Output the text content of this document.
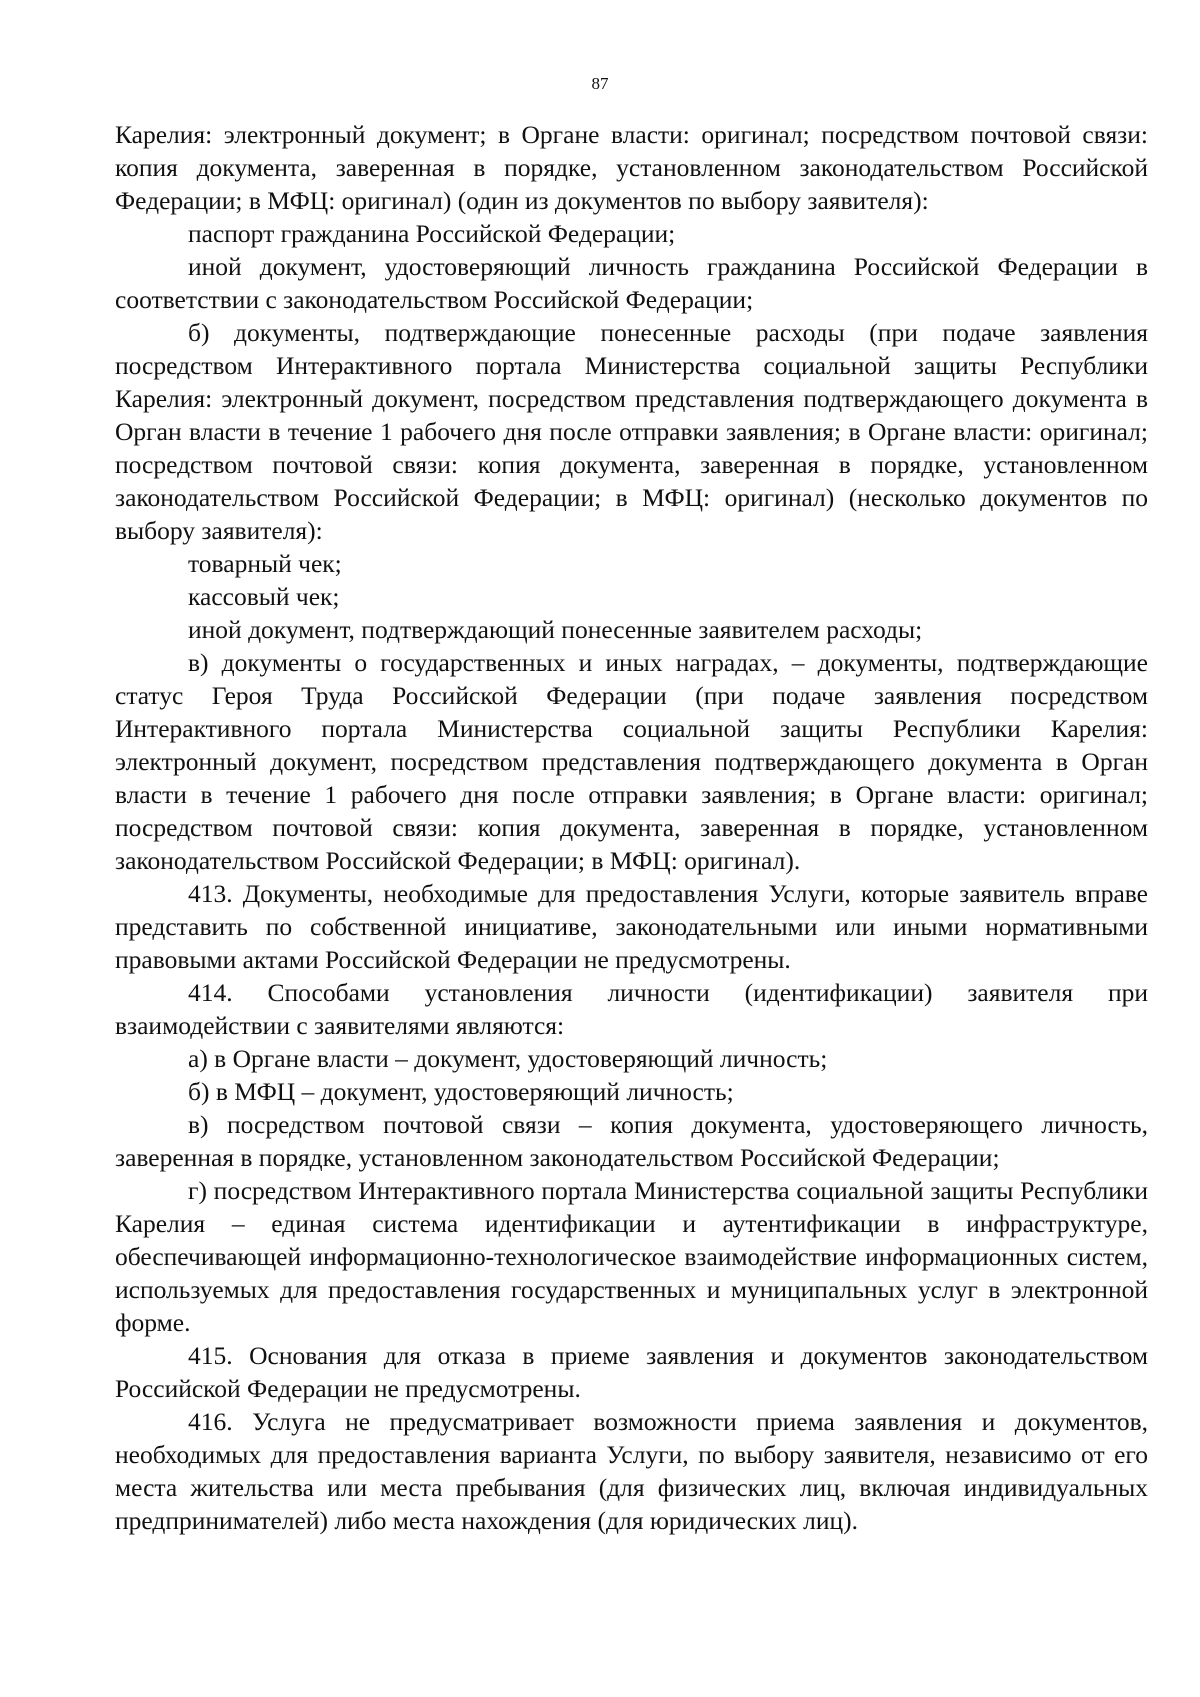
87

Карелия: электронный документ; в Органе власти: оригинал; посредством почтовой связи: копия документа, заверенная в порядке, установленном законодательством Российской Федерации; в МФЦ: оригинал) (один из документов по выбору заявителя):

паспорт гражданина Российской Федерации;

иной документ, удостоверяющий личность гражданина Российской Федерации в соответствии с законодательством Российской Федерации;

б) документы, подтверждающие понесенные расходы (при подаче заявления посредством Интерактивного портала Министерства социальной защиты Республики Карелия: электронный документ, посредством представления подтверждающего документа в Орган власти в течение 1 рабочего дня после отправки заявления; в Органе власти: оригинал; посредством почтовой связи: копия документа, заверенная в порядке, установленном законодательством Российской Федерации; в МФЦ: оригинал) (несколько документов по выбору заявителя):

товарный чек;

кассовый чек;

иной документ, подтверждающий понесенные заявителем расходы;

в) документы о государственных и иных наградах, – документы, подтверждающие статус Героя Труда Российской Федерации (при подаче заявления посредством Интерактивного портала Министерства социальной защиты Республики Карелия: электронный документ, посредством представления подтверждающего документа в Орган власти в течение 1 рабочего дня после отправки заявления; в Органе власти: оригинал; посредством почтовой связи: копия документа, заверенная в порядке, установленном законодательством Российской Федерации; в МФЦ: оригинал).

413. Документы, необходимые для предоставления Услуги, которые заявитель вправе представить по собственной инициативе, законодательными или иными нормативными правовыми актами Российской Федерации не предусмотрены.

414. Способами установления личности (идентификации) заявителя при взаимодействии с заявителями являются:

а) в Органе власти – документ, удостоверяющий личность;

б) в МФЦ – документ, удостоверяющий личность;

в) посредством почтовой связи – копия документа, удостоверяющего личность, заверенная в порядке, установленном законодательством Российской Федерации;

г) посредством Интерактивного портала Министерства социальной защиты Республики Карелия – единая система идентификации и аутентификации в инфраструктуре, обеспечивающей информационно-технологическое взаимодействие информационных систем, используемых для предоставления государственных и муниципальных услуг в электронной форме.

415. Основания для отказа в приеме заявления и документов законодательством Российской Федерации не предусмотрены.

416. Услуга не предусматривает возможности приема заявления и документов, необходимых для предоставления варианта Услуги, по выбору заявителя, независимо от его места жительства или места пребывания (для физических лиц, включая индивидуальных предпринимателей) либо места нахождения (для юридических лиц).
